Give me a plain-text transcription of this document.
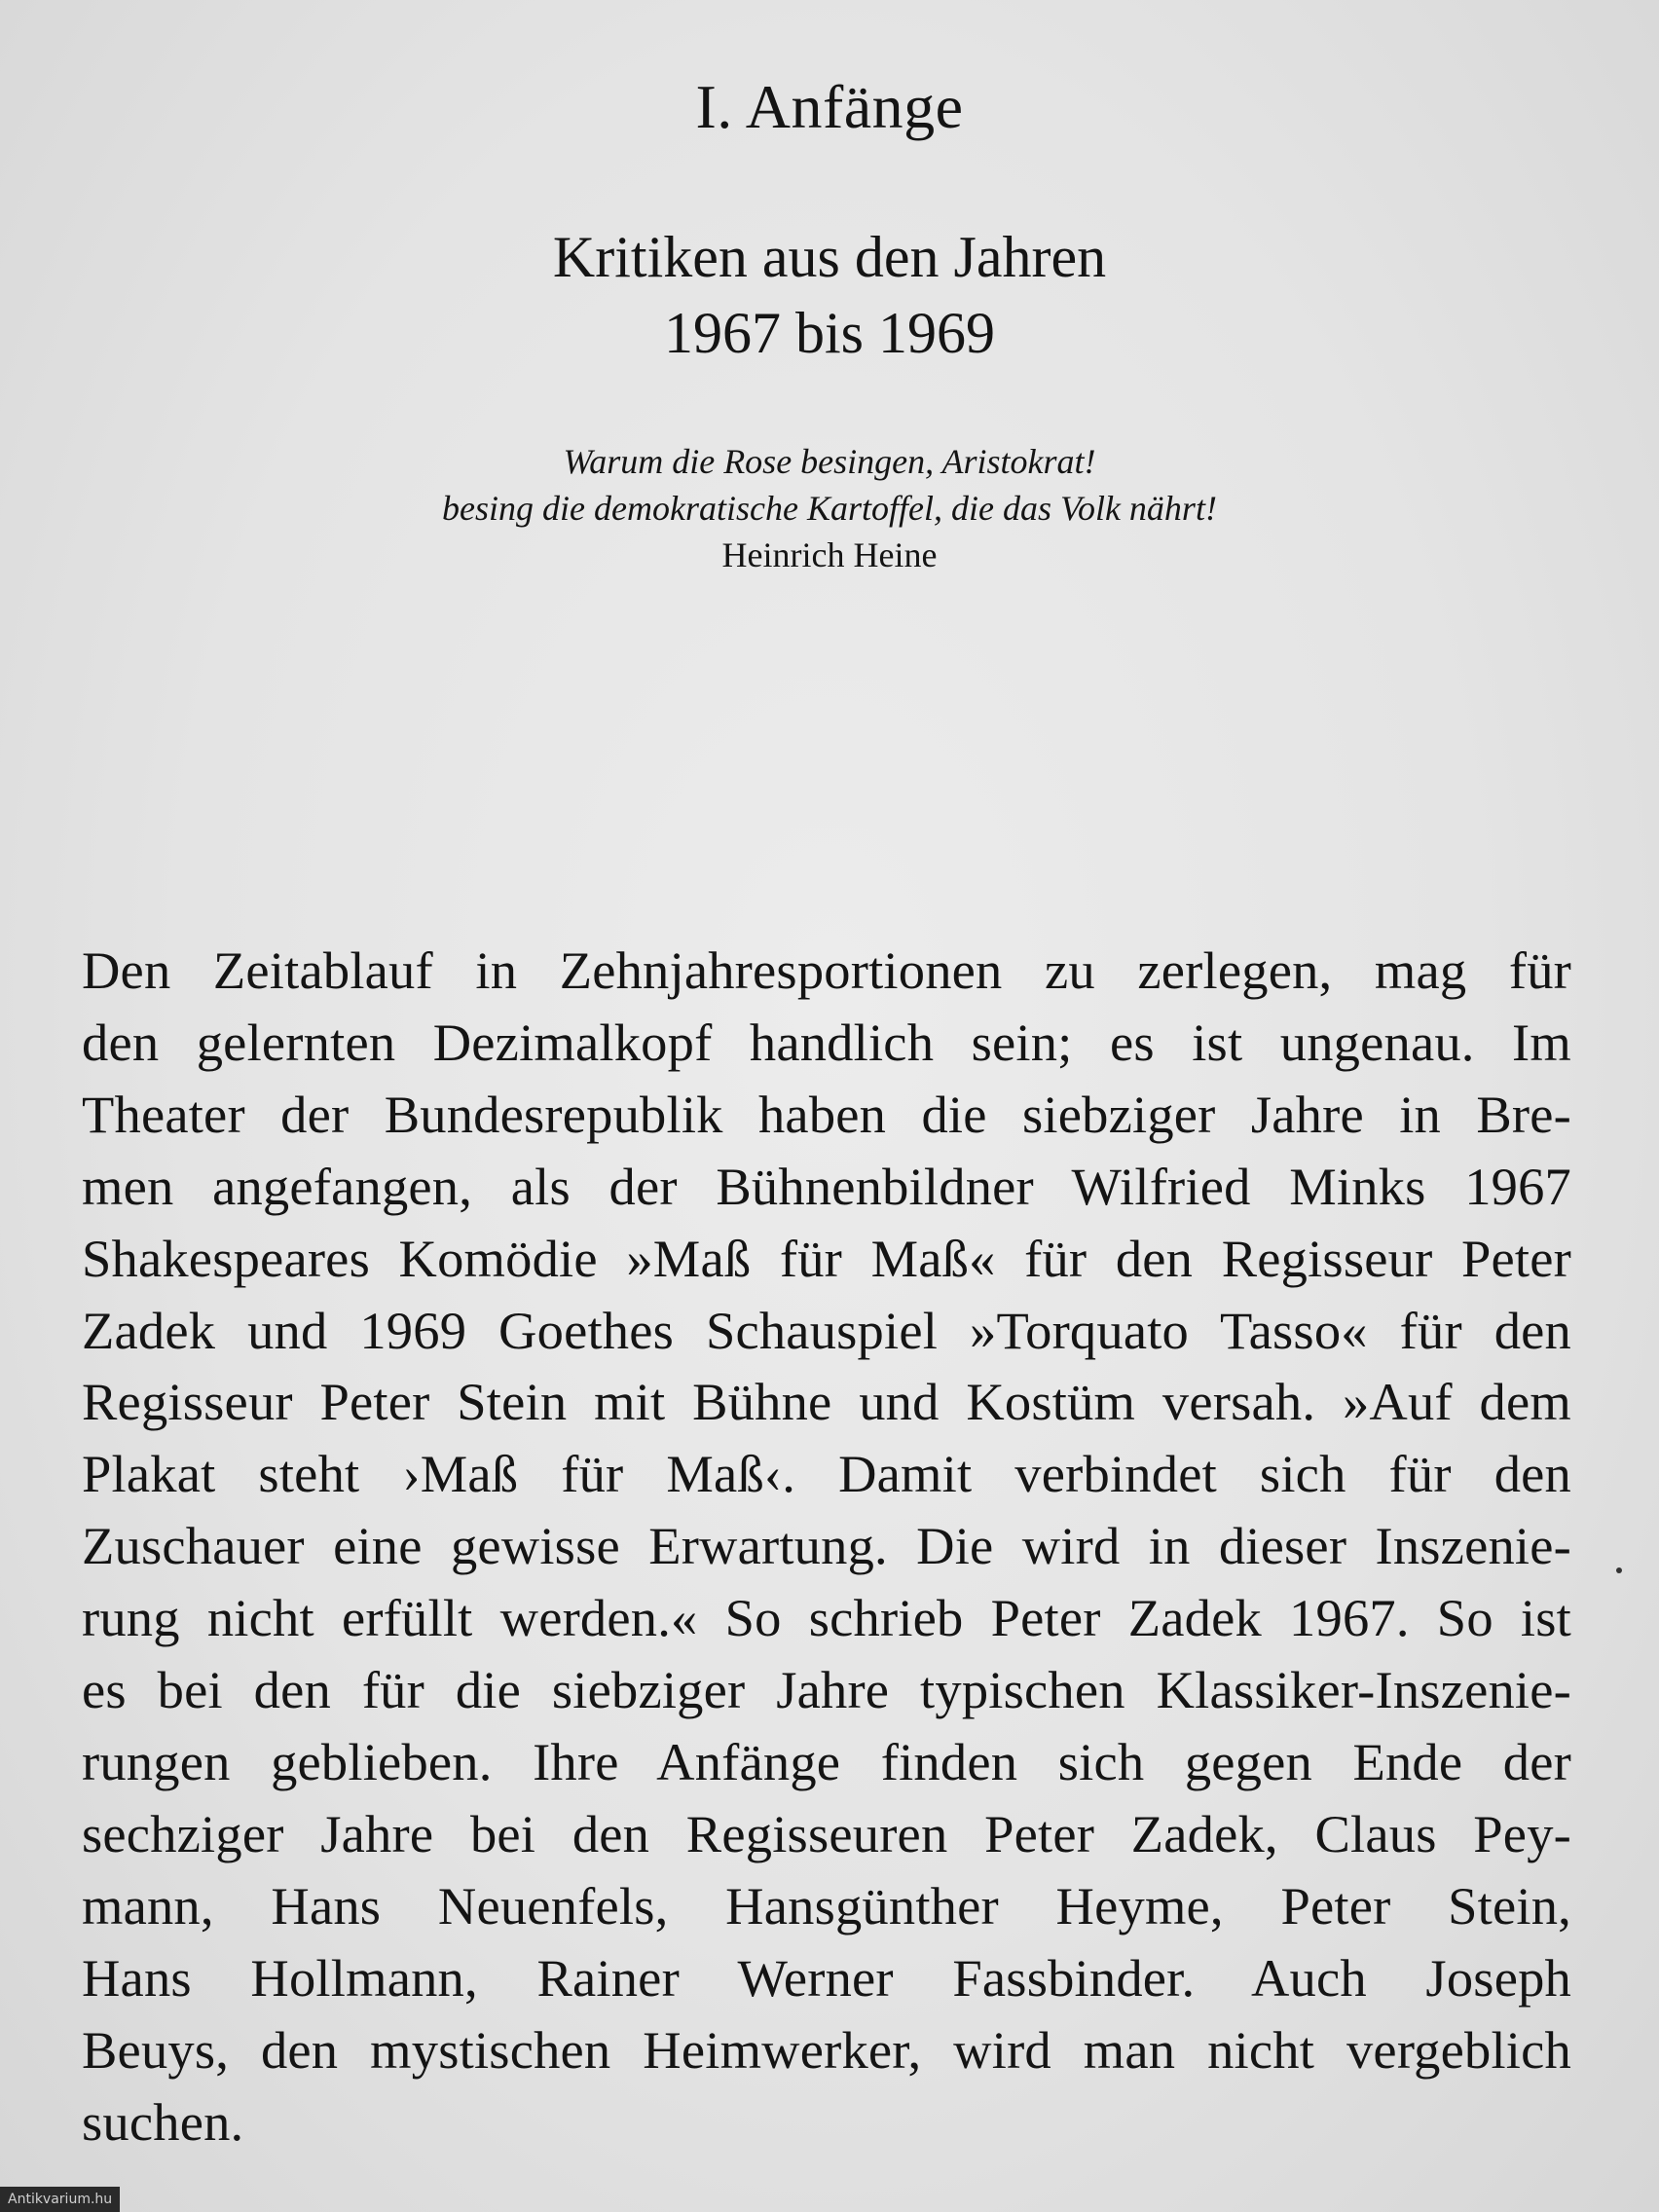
I. Anfänge
Kritiken aus den Jahren
1967 bis 1969
Warum die Rose besingen, Aristokrat!
besing die demokratische Kartoffel, die das Volk nährt!
Heinrich Heine
Den Zeitablauf in Zehnjahresportionen zu zerlegen, mag für
den gelernten Dezimalkopf handlich sein; es ist ungenau. Im
Theater der Bundesrepublik haben die siebziger Jahre in Bre-
men angefangen, als der Bühnenbildner Wilfried Minks 1967
Shakespeares Komödie »Maß für Maß« für den Regisseur Peter
Zadek und 1969 Goethes Schauspiel »Torquato Tasso« für den
Regisseur Peter Stein mit Bühne und Kostüm versah. »Auf dem
Plakat steht ›Maß für Maß‹. Damit verbindet sich für den
Zuschauer eine gewisse Erwartung. Die wird in dieser Inszenie-
rung nicht erfüllt werden.« So schrieb Peter Zadek 1967. So ist
es bei den für die siebziger Jahre typischen Klassiker-Inszenie-
rungen geblieben. Ihre Anfänge finden sich gegen Ende der
sechziger Jahre bei den Regisseuren Peter Zadek, Claus Pey-
mann, Hans Neuenfels, Hansgünther Heyme, Peter Stein,
Hans Hollmann, Rainer Werner Fassbinder. Auch Joseph
Beuys, den mystischen Heimwerker, wird man nicht vergeblich
suchen.
Antikvarium.hu
